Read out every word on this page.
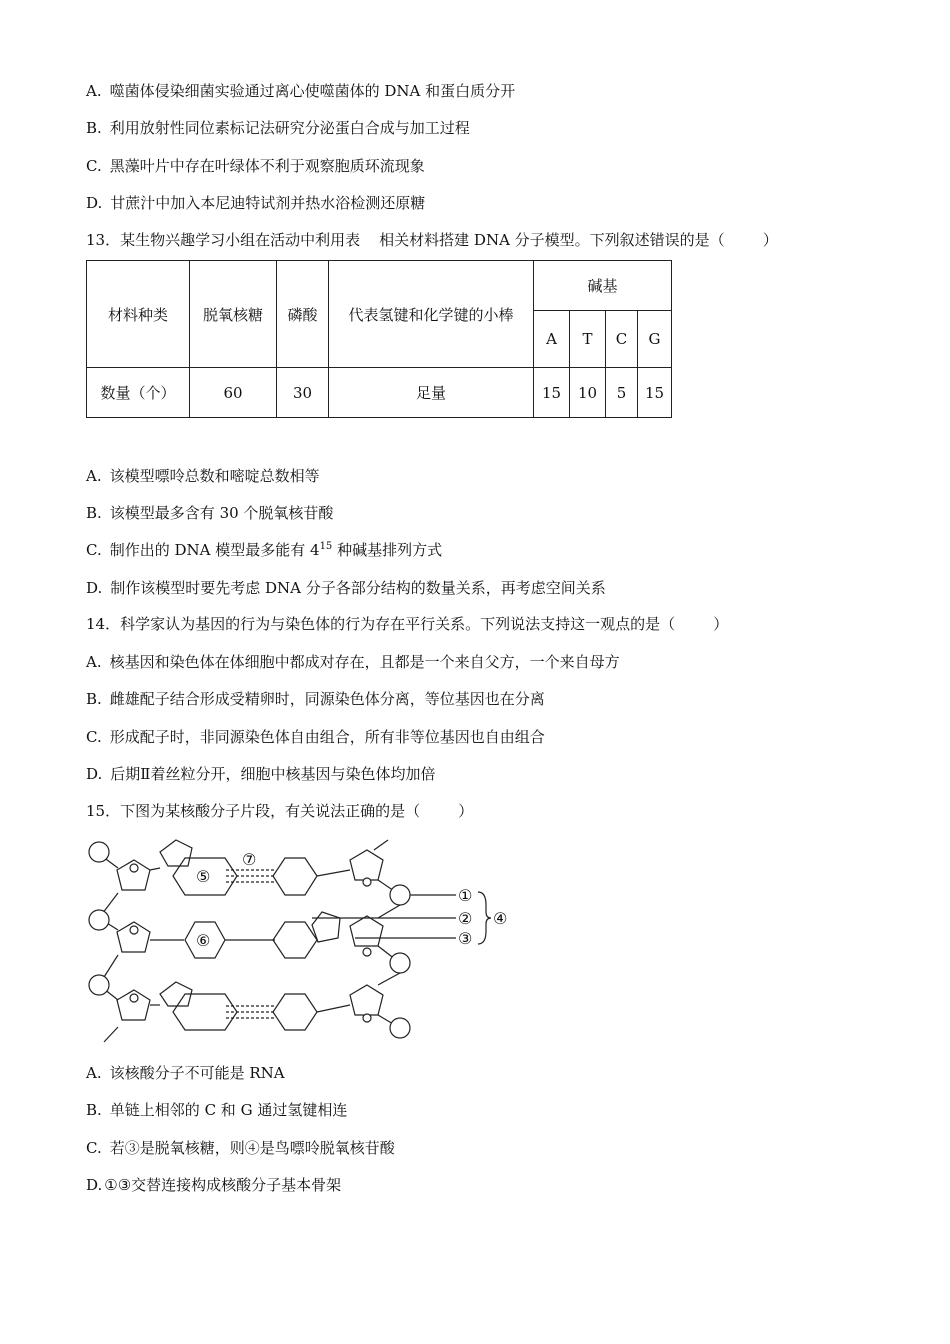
A. 噬菌体侵染细菌实验通过离心使噬菌体的 DNA 和蛋白质分开
B. 利用放射性同位素标记法研究分泌蛋白合成与加工过程
C. 黑藻叶片中存在叶绿体不利于观察胞质环流现象
D. 甘蔗汁中加入本尼迪特试剂并热水浴检测还原糖
13．某生物兴趣学习小组在活动中利用表    相关材料搭建 DNA 分子模型。下列叙述错误的是（        ）
材料种类	脱氧核糖	磷酸	代表氢键和化学键的小棒	碱基			
				A	T	C	G
数量（个）	60	30	足量	15	10	5	15
A. 该模型嘌呤总数和嘧啶总数相等
B. 该模型最多含有 30 个脱氧核苷酸
C. 制作出的 DNA 模型最多能有 $4^{15}$ 种碱基排列方式
D. 制作该模型时要先考虑 DNA 分子各部分结构的数量关系，再考虑空间关系
14．科学家认为基因的行为与染色体的行为存在平行关系。下列说法支持这一观点的是（        ）
A. 核基因和染色体在体细胞中都成对存在，且都是一个来自父方，一个来自母方
B. 雌雄配子结合形成受精卵时，同源染色体分离，等位基因也在分离
C. 形成配子时，非同源染色体自由组合，所有非等位基因也自由组合
D. 后期Ⅱ着丝粒分开，细胞中核基因与染色体均加倍
15．下图为某核酸分子片段，有关说法正确的是（        ）
⑤
⑦
⑥
①
②
③
④
A. 该核酸分子不可能是 RNA
B. 单链上相邻的 C 和 G 通过氢键相连
C. 若③是脱氧核糖，则④是鸟嘌呤脱氧核苷酸
D. ①③交替连接构成核酸分子基本骨架
